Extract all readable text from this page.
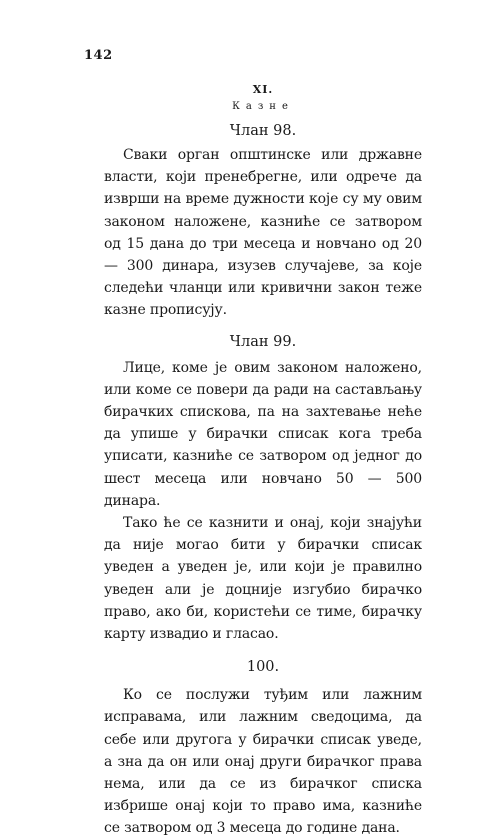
142
XI.
Казне
Члан 98.

Сваки орган општинске или државне власти, који пренебрегне, или одрече да изврши на време дужности које су му овим законом наложене, казниће се затвором од 15 дана до три месеца и новчано од 20 — 300 динара, изузев случајеве, за које следећи чланци или кривични закон теже казне прописују.

Члан 99.

Лице, коме је овим законом наложено, или коме се повери да ради на састављању бирачких спискова, па на захтевање неће да упише у бирачки списак кога треба уписати, казниће се затвором од једног до шест месеца или новчано 50 — 500 динара.

Тако ће се казнити и онај, који знајући да није могао бити у бирачки списак уведен а уведен је, или који је правилно уведен али је доцније изгубио бирачко право, ако би, користећи се тиме, бирачку карту извадио и гласао.

100.

Ко се послужи туђим или лажним исправама, или лажним сведоцима, да себе или другога у бирачки списак уведе, а зна да он или онај други бирачког права нема, или да се из бирачког списка избрише онај који то право има, казниће се затвором од 3 месеца до године дана.
